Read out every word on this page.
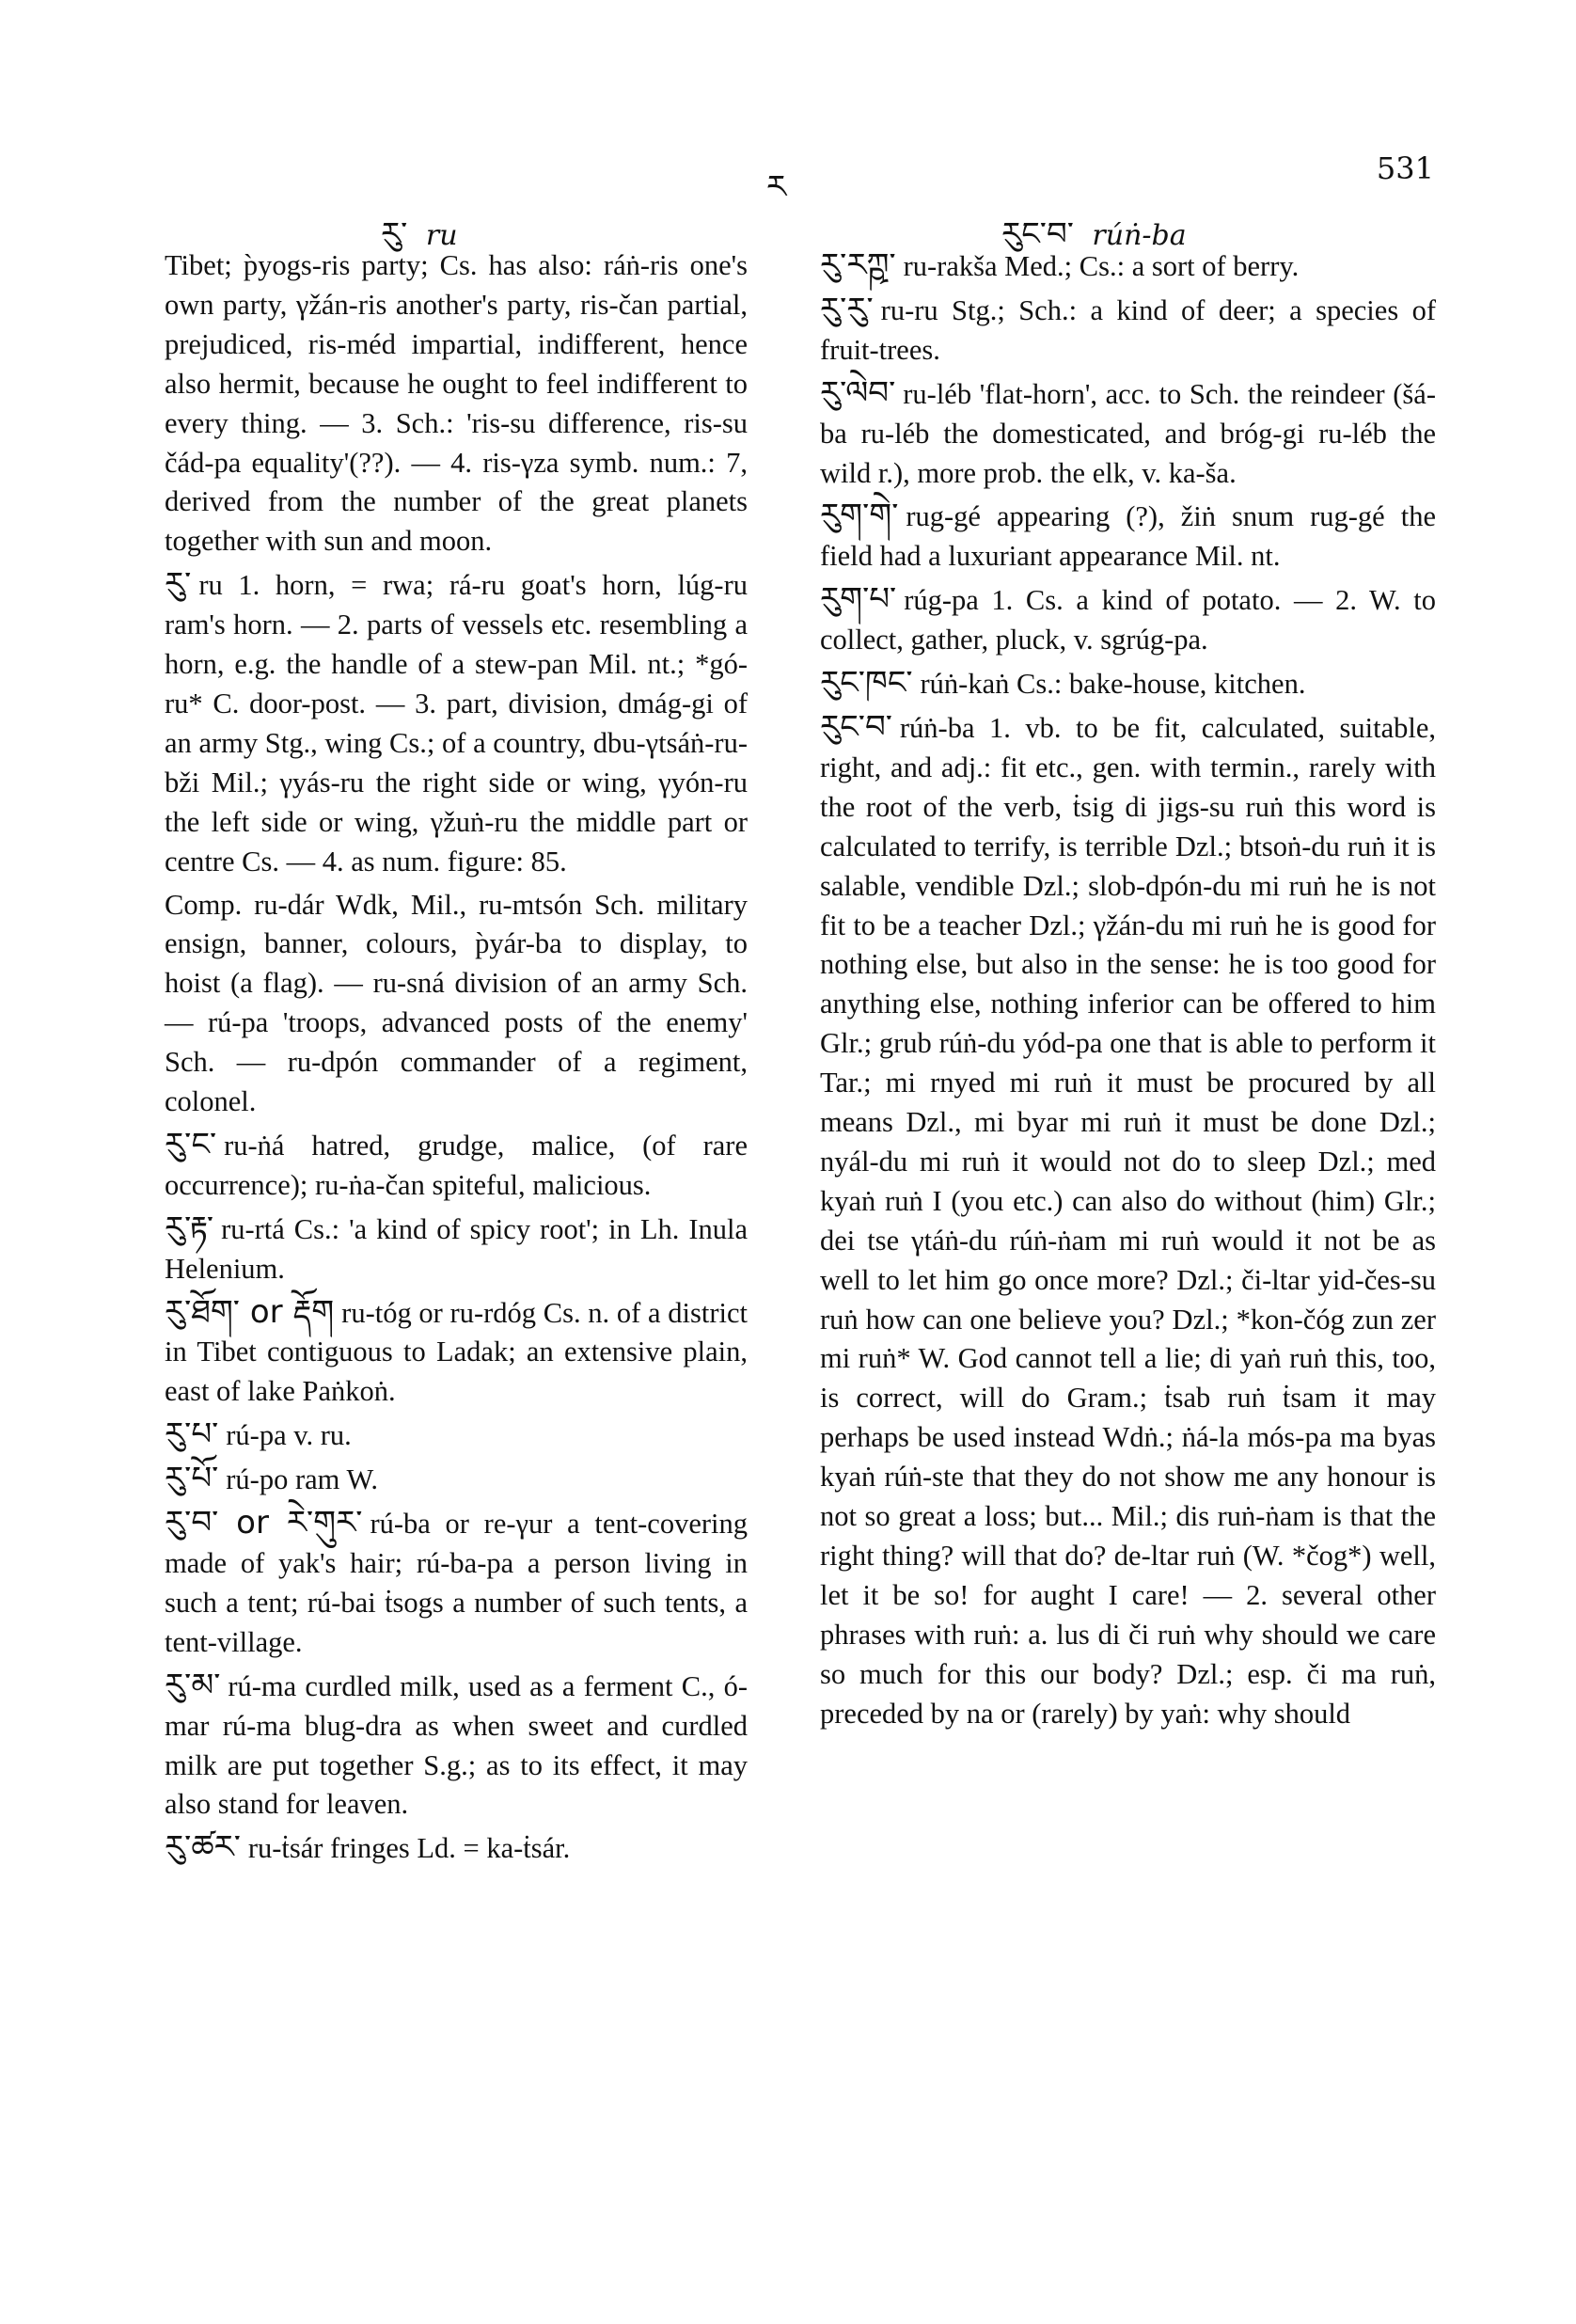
རུ་ ru
ར
རུང་བ་ rúṅ-ba
531

Tibet; p̀yogs-ris party; Cs. has also: ráṅ-ris one's own party, γžán-ris another's party, ris-čan partial, prejudiced, ris-méd impartial, indifferent, hence also hermit, because he ought to feel indifferent to every thing. — 3. Sch.: 'ris-su difference, ris-su čád-pa equality'(??). — 4. ris-γza symb. num.: 7, derived from the number of the great planets together with sun and moon.

རུ་ ru 1. horn, = rwa; rá-ru goat's horn, lúg-ru ram's horn. — 2. parts of vessels etc. resembling a horn, e.g. the handle of a stew-pan Mil. nt.; *gó-ru* C. door-post. — 3. part, division, dmág-gi of an army Stg., wing Cs.; of a country, dbu-γtsáṅ-ru-bži Mil.; γyás-ru the right side or wing, γyón-ru the left side or wing, γžuṅ-ru the middle part or centre Cs. — 4. as num. figure: 85.

Comp. ru-dár Wdk, Mil., ru-mtsón Sch. military ensign, banner, colours, p̀yár-ba to display, to hoist (a flag). — ru-sná division of an army Sch. — rú-pa 'troops, advanced posts of the enemy' Sch. — ru-dpón commander of a regiment, colonel.

རུ་ང་ ru-ṅá hatred, grudge, malice, (of rare occurrence); ru-ṅa-čan spiteful, malicious.

རུ་རྟ་ ru-rtá Cs.: 'a kind of spicy root'; in Lh. Inula Helenium.

རུ་ཐོག་ or རྡོག ru-tóg or ru-rdóg Cs. n. of a district in Tibet contiguous to Ladak; an extensive plain, east of lake Paṅkoṅ.

རུ་པ་ rú-pa v. ru.

རུ་པོ་ rú-po ram W.

རུ་བ་ or རེ་གུར་ rú-ba or re-γur a tent-covering made of yak's hair; rú-ba-pa a person living in such a tent; rú-bai ṫsogs a number of such tents, a tent-village.

རུ་མ་ rú-ma curdled milk, used as a ferment C., ó-mar rú-ma blug-dra as when sweet and curdled milk are put together S.g.; as to its effect, it may also stand for leaven.

རུ་ཚར་ ru-ṫsár fringes Ld. = ka-ṫsár.

རུ་རཀྵ་ ru-rakša Med.; Cs.: a sort of berry.

རུ་རུ་ ru-ru Stg.; Sch.: a kind of deer; a species of fruit-trees.

རུ་ལེབ་ ru-léb 'flat-horn', acc. to Sch. the reindeer (šá-ba ru-léb the domesticated, and bróg-gi ru-léb the wild r.), more prob. the elk, v. ka-ša.

རུག་གེ་ rug-gé appearing (?), žiṅ snum rug-gé the field had a luxuriant appearance Mil. nt.

རུག་པ་ rúg-pa 1. Cs. a kind of potato. — 2. W. to collect, gather, pluck, v. sgrúg-pa.

རུང་ཁང་ rúṅ-kaṅ Cs.: bake-house, kitchen.

རུང་བ་ rúṅ-ba 1. vb. to be fit, calculated, suitable, right, and adj.: fit etc., gen. with termin., rarely with the root of the verb, ṫsig di jigs-su ruṅ this word is calculated to terrify, is terrible Dzl.; btsoṅ-du ruṅ it is salable, vendible Dzl.; slob-dpón-du mi ruṅ he is not fit to be a teacher Dzl.; γžán-du mi ruṅ he is good for nothing else, but also in the sense: he is too good for anything else, nothing inferior can be offered to him Glr.; grub rúṅ-du yód-pa one that is able to perform it Tar.; mi rnyed mi ruṅ it must be procured by all means Dzl., mi byar mi ruṅ it must be done Dzl.; nyál-du mi ruṅ it would not do to sleep Dzl.; med kyaṅ ruṅ I (you etc.) can also do without (him) Glr.; dei tse γtáṅ-du rúṅ-ṅam mi ruṅ would it not be as well to let him go once more? Dzl.; či-ltar yid-čes-su ruṅ how can one believe you? Dzl.; *kon-čóg zun zer mi ruṅ* W. God cannot tell a lie; di yaṅ ruṅ this, too, is correct, will do Gram.; ṫsab ruṅ ṫsam it may perhaps be used instead Wdṅ.; ṅá-la mós-pa ma byas kyaṅ rúṅ-ste that they do not show me any honour is not so great a loss; but... Mil.; dis ruṅ-ṅam is that the right thing? will that do? de-ltar ruṅ (W. *čog*) well, let it be so! for aught I care! — 2. several other phrases with ruṅ: a. lus di či ruṅ why should we care so much for this our body? Dzl.; esp. či ma ruṅ, preceded by na or (rarely) by yaṅ: why should
